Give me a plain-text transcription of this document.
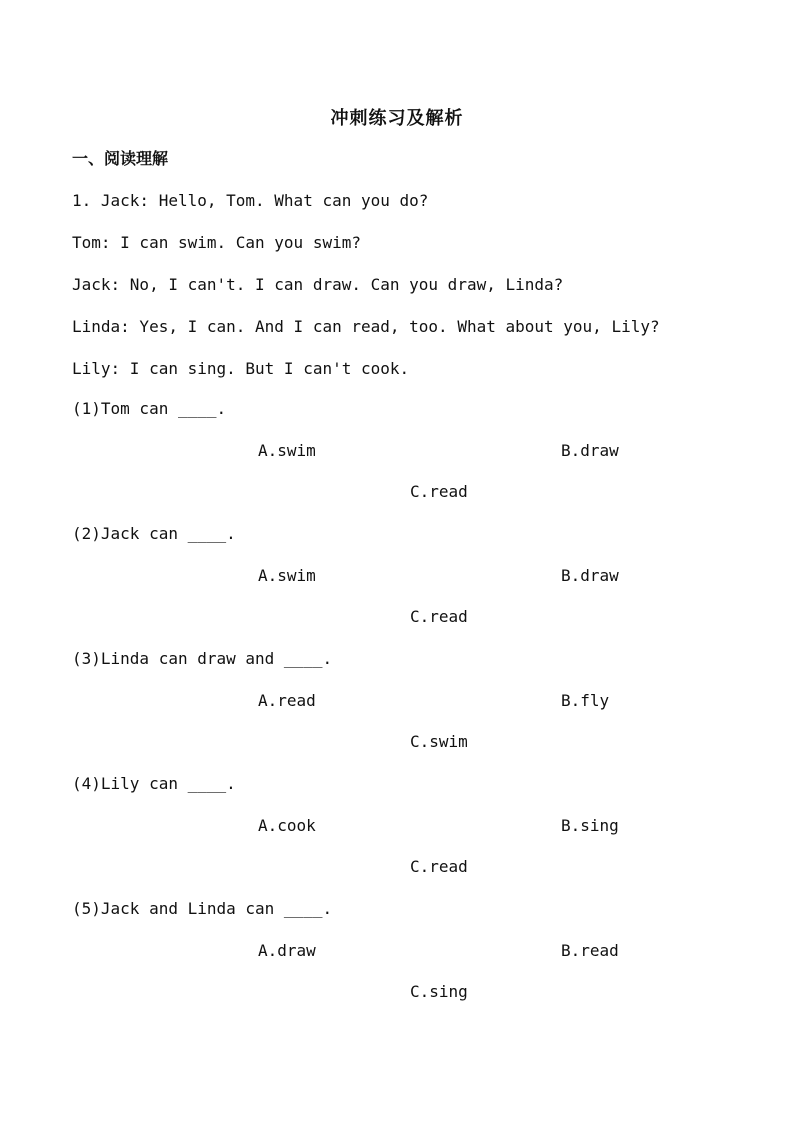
冲刺练习及解析
一、阅读理解
1. Jack: Hello, Tom. What can you do?
Tom: I can swim. Can you swim?
Jack: No, I can't. I can draw. Can you draw, Linda?
Linda: Yes, I can. And I can read, too. What about you, Lily?
Lily: I can sing. But I can't cook.
(1)Tom can ____.
A.swim	B.draw
C.read
(2)Jack can ____.
A.swim	B.draw
C.read
(3)Linda can draw and ____.
A.read	B.fly
C.swim
(4)Lily can ____.
A.cook	B.sing
C.read
(5)Jack and Linda can ____.
A.draw	B.read
C.sing
